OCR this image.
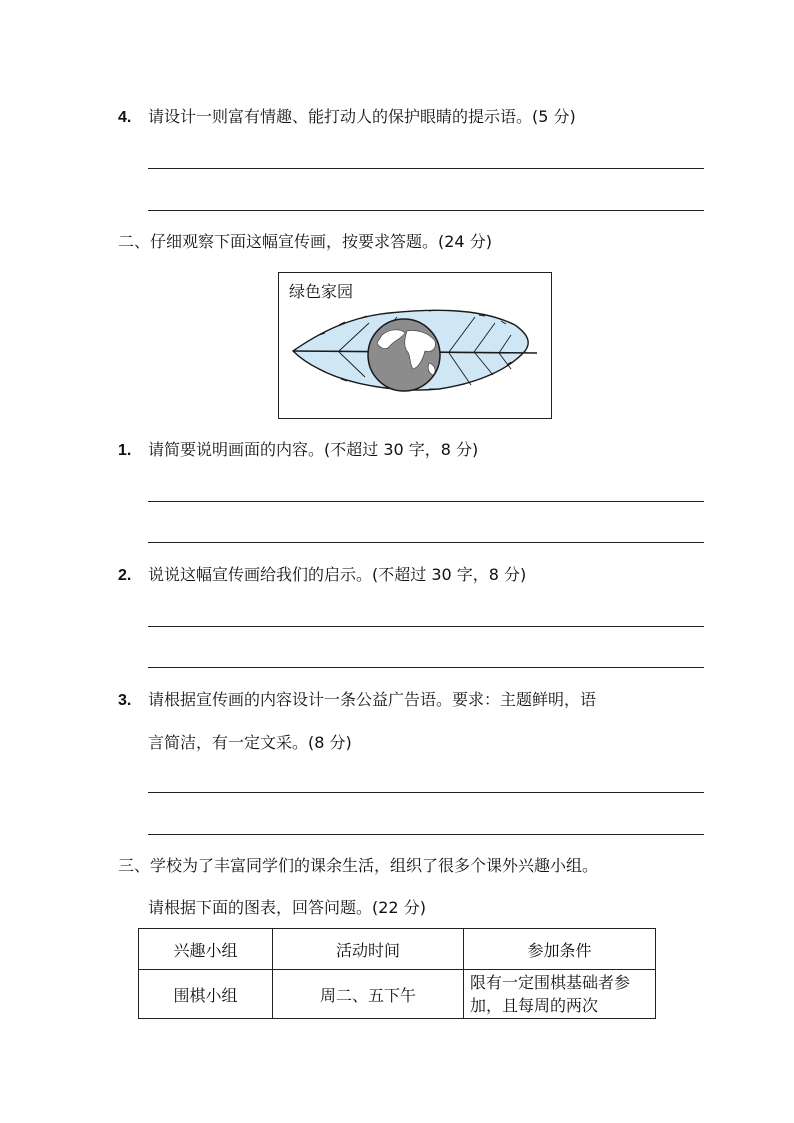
4. 请设计一则富有情趣、能打动人的保护眼睛的提示语。(5 分)
二、仔细观察下面这幅宣传画，按要求答题。(24 分)
绿色家园
1. 请简要说明画面的内容。(不超过 30 字，8 分)
2. 说说这幅宣传画给我们的启示。(不超过 30 字，8 分)
3. 请根据宣传画的内容设计一条公益广告语。要求：主题鲜明，语
言简洁，有一定文采。(8 分)
三、学校为了丰富同学们的课余生活，组织了很多个课外兴趣小组。
请根据下面的图表，回答问题。(22 分)
兴趣小组	活动时间	参加条件
围棋小组	周二、五下午	限有一定围棋基础者参加，且每周的两次
